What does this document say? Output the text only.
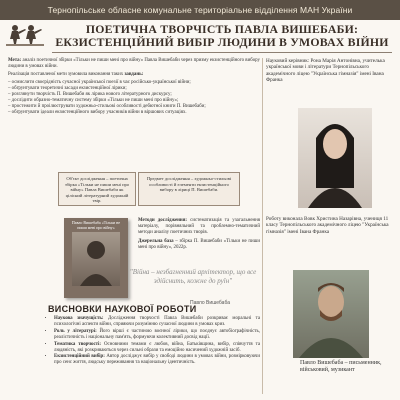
Тернопільське обласне комунальне територіальне відділення МАН України
ПОЕТИЧНА ТВОРЧІСТЬ ПАВЛА ВИШЕБАБИ:
ЕКЗИСТЕНЦІЙНИЙ ВИБІР ЛЮДИНИ В УМОВАХ ВІЙНИ

Мета: аналіз поетичної збірки «Тільки не пиши мені про війну» Павла Вишебаби через призму екзистенційного вибору людини в умовах війни.

Реалізація поставленої мети зумовила виконання таких завдань:

– осмислити своєрідність сучасної української поезії в час російсько-української війни;
– обґрунтувати теоретичні засади екзистенційної лірики;
– розглянути творчість П. Вишебаби як лірика нового літературного дискурсу;
– дослідити образно-тематичну систему збірки «Тільки не пиши мені про війну»;
– простежити й проілюструвати художньо-стильові особливості дебютної книги П. Вишебаби;
– обґрунтувати ідеали екзистенційного вибору учасників війни в віршових ситуаціях.
Об'єкт дослідження – поетична збірка «Тільки не пиши мені про війну» Павла Вишебаби як цілісний літературний художній твір.
Предмет дослідження – художньо-стильові особливості й елементи екзистенційного вибору в ліриці П. Вишебаби.
Павло Вишебаба «Тільки не пиши мені про війну»

Методи дослідження: систематизація та узагальнення матеріалу, порівняльний та проблемно-тематичний методи аналізу поетичних творів.

Джерельна база – збірка П. Вишебаби «Тільки не пиши мені про війну», 2022р.

"Війна – незбагненний архітектор, що все здійснить, кожне до руїн"
Павло Вишебаба
ВИСНОВКИ НАУКОВОЇ РОБОТИ
• Наукова значущість: Дослідження творчості Павла Вишебаби розкриває моральні та психологічні аспекти війни, сприяючи розумінню сучасної людини в умовах криз.
• Роль у літературі: Його вірші є частиною воєнної лірики, що поєднує автобіографічність, реалістичність і національну пам'ять, формуючи колективний досвід нації.
• Тематика творчості: Основними темами є любов, війна, Батьківщина, вибір, співчуття та людяність, які розкриваються через сильні образи та емоційно насичений художній засіб.
• Екзистенційний вибір: Автор досліджує вибір у свободі людини в умовах війни, розмірковуючи про сенс життя, людську переживання та національну ідентичність.
Науковий керівник: Рона Марія Антонівна, учителька української мови і літератури Тернопільського академічного ліцею "Українська гімназія" імені Івана Франка
Роботу виконала Вовк Христина Назарівна, учениця 11 класу Тернопільського академічного ліцею "Українська гімназія" імені Івана Франка
Павло Вишебаба – письменник, військовий, музикант
